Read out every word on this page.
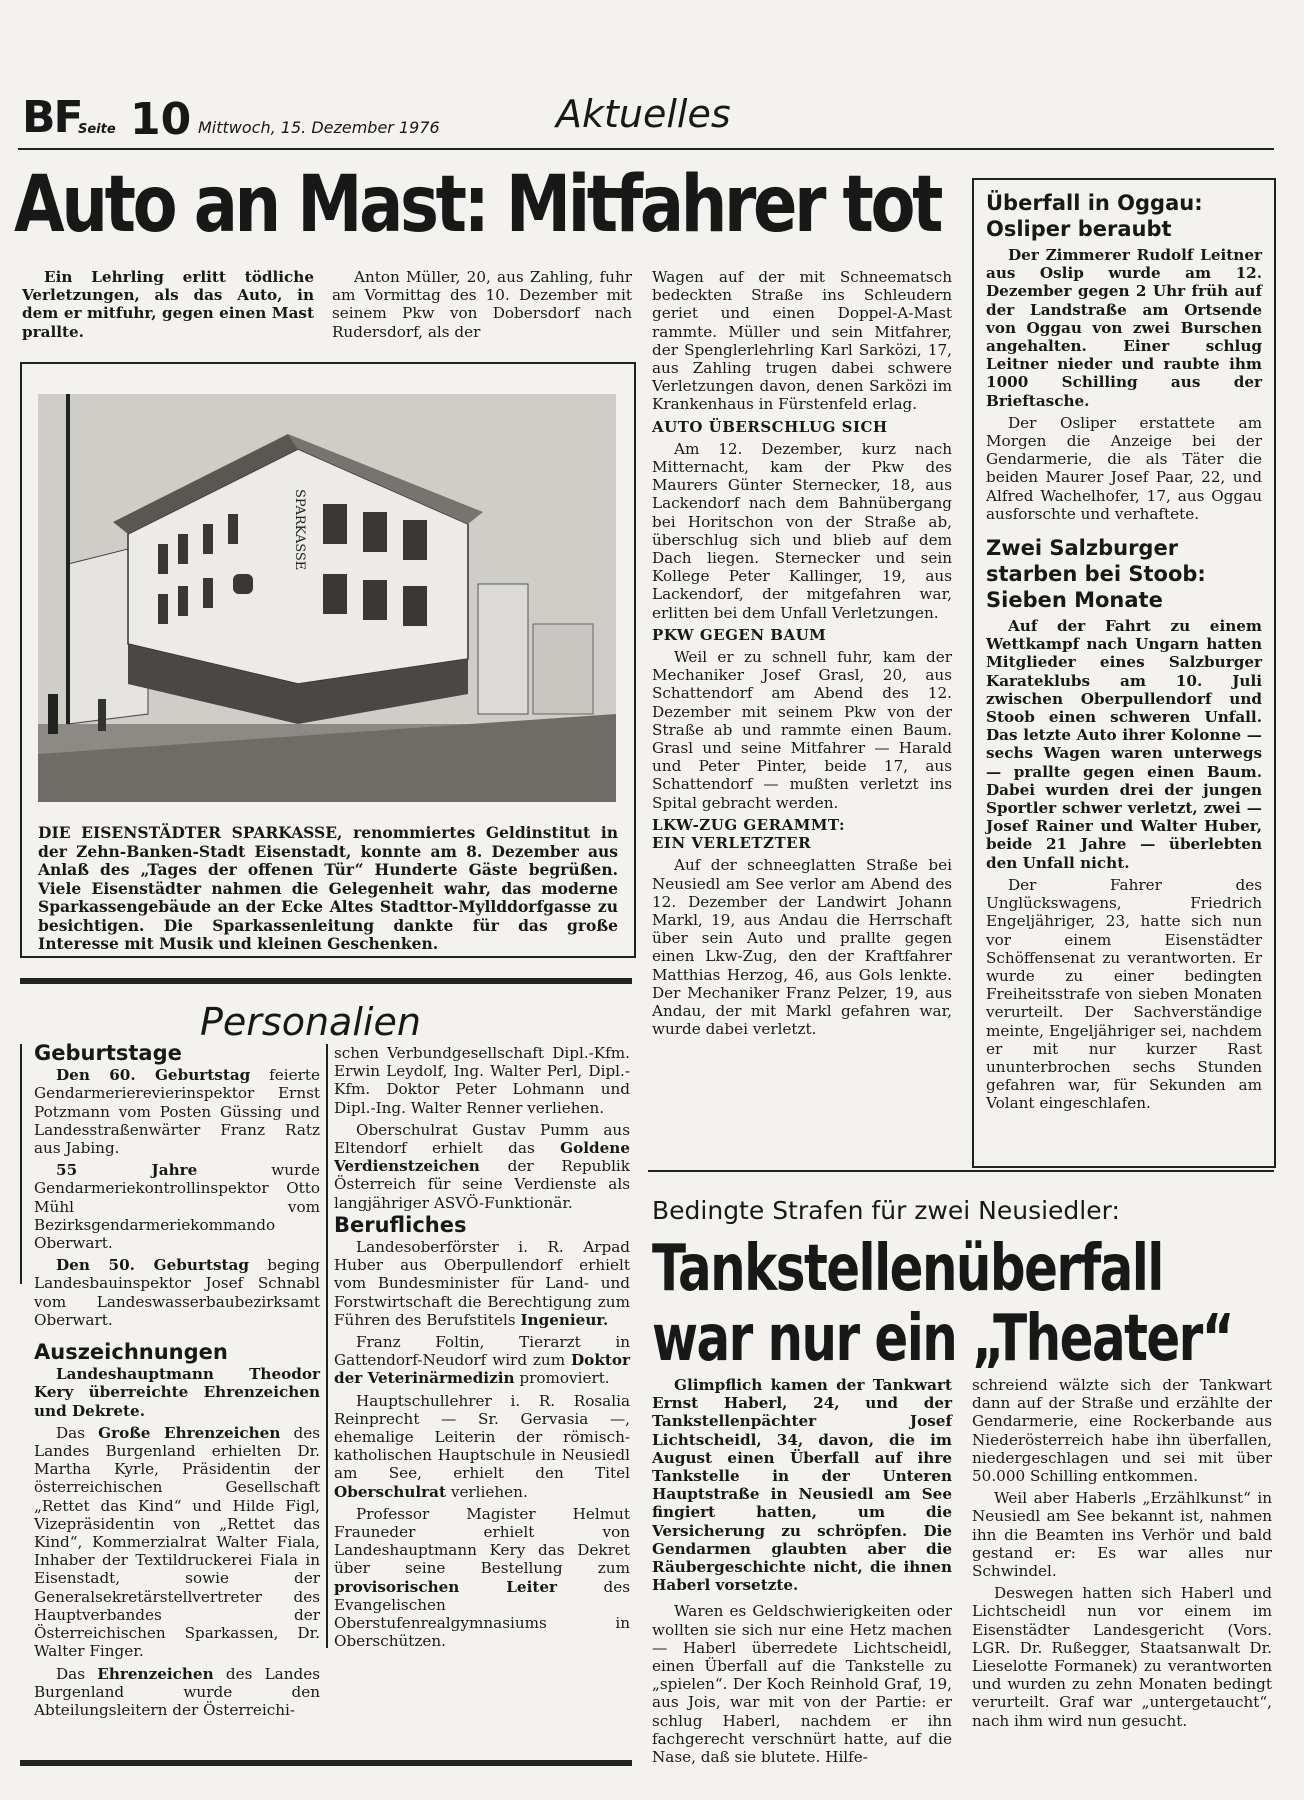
BF
Seite 10 Mittwoch, 15. Dezember 1976	Aktuelles
Auto an Mast: Mitfahrer tot

Ein Lehrling erlitt tödliche Verletzungen, als das Auto, in dem er mitfuhr, gegen einen Mast prallte.

Anton Müller, 20, aus Zahling, fuhr am Vormittag des 10. Dezember mit seinem Pkw von Dobersdorf nach Rudersdorf, als der

SPARKASSE
DIE EISENSTÄDTER SPARKASSE, renommiertes Geldinstitut in der Zehn-Banken-Stadt Eisenstadt, konnte am 8. Dezember aus Anlaß des „Tages der offenen Tür“ Hunderte Gäste begrüßen. Viele Eisenstädter nahmen die Gelegenheit wahr, das moderne Sparkassengebäude an der Ecke Altes Stadttor-Myllddorfgasse zu besichtigen. Die Sparkassenleitung dankte für das große Interesse mit Musik und kleinen Geschenken.

Wagen auf der mit Schneematsch bedeckten Straße ins Schleudern geriet und einen Doppel-A-Mast rammte. Müller und sein Mitfahrer, der Spenglerlehrling Karl Sarközi, 17, aus Zahling trugen dabei schwere Verletzungen davon, denen Sarközi im Krankenhaus in Fürstenfeld erlag.

AUTO ÜBERSCHLUG SICH

Am 12. Dezember, kurz nach Mitternacht, kam der Pkw des Maurers Günter Sternecker, 18, aus Lackendorf nach dem Bahnübergang bei Horitschon von der Straße ab, überschlug sich und blieb auf dem Dach liegen. Sternecker und sein Kollege Peter Kallinger, 19, aus Lackendorf, der mitgefahren war, erlitten bei dem Unfall Verletzungen.

PKW GEGEN BAUM

Weil er zu schnell fuhr, kam der Mechaniker Josef Grasl, 20, aus Schattendorf am Abend des 12. Dezember mit seinem Pkw von der Straße ab und rammte einen Baum. Grasl und seine Mitfahrer — Harald und Peter Pinter, beide 17, aus Schattendorf — mußten verletzt ins Spital gebracht werden.

LKW-ZUG GERAMMT:

EIN VERLETZTER

Auf der schneeglatten Straße bei Neusiedl am See verlor am Abend des 12. Dezember der Landwirt Johann Markl, 19, aus Andau die Herrschaft über sein Auto und prallte gegen einen Lkw-Zug, den der Kraftfahrer Matthias Herzog, 46, aus Gols lenkte. Der Mechaniker Franz Pelzer, 19, aus Andau, der mit Markl gefahren war, wurde dabei verletzt.

Überfall in Oggau: Osliper beraubt

Der Zimmerer Rudolf Leitner aus Oslip wurde am 12. Dezember gegen 2 Uhr früh auf der Landstraße am Ortsende von Oggau von zwei Burschen angehalten. Einer schlug Leitner nieder und raubte ihm 1000 Schilling aus der Brieftasche.

Der Osliper erstattete am Morgen die Anzeige bei der Gendarmerie, die als Täter die beiden Maurer Josef Paar, 22, und Alfred Wachelhofer, 17, aus Oggau ausforschte und verhaftete.

Zwei Salzburger starben bei Stoob: Sieben Monate

Auf der Fahrt zu einem Wettkampf nach Ungarn hatten Mitglieder eines Salzburger Karateklubs am 10. Juli zwischen Oberpullendorf und Stoob einen schweren Unfall. Das letzte Auto ihrer Kolonne — sechs Wagen waren unterwegs — prallte gegen einen Baum. Dabei wurden drei der jungen Sportler schwer verletzt, zwei — Josef Rainer und Walter Huber, beide 21 Jahre — überlebten den Unfall nicht.

Der Fahrer des Unglückswagens, Friedrich Engeljähriger, 23, hatte sich nun vor einem Eisenstädter Schöffensenat zu verantworten. Er wurde zu einer bedingten Freiheitsstrafe von sieben Monaten verurteilt. Der Sachverständige meinte, Engeljähriger sei, nachdem er mit nur kurzer Rast ununterbrochen sechs Stunden gefahren war, für Sekunden am Volant eingeschlafen.

Personalien

Geburtstage

Den 60. Geburtstag feierte Gendarmerierevierinspektor Ernst Potzmann vom Posten Güssing und Landesstraßenwärter Franz Ratz aus Jabing.

55 Jahre wurde Gendarmeriekontrollinspektor Otto Mühl vom Bezirksgendarmeriekommando Oberwart.

Den 50. Geburtstag beging Landesbauinspektor Josef Schnabl vom Landeswasserbaubezirksamt Oberwart.

Auszeichnungen

Landeshauptmann Theodor Kery überreichte Ehrenzeichen und Dekrete.

Das Große Ehrenzeichen des Landes Burgenland erhielten Dr. Martha Kyrle, Präsidentin der österreichischen Gesellschaft „Rettet das Kind“ und Hilde Figl, Vizepräsidentin von „Rettet das Kind“, Kommerzialrat Walter Fiala, Inhaber der Textildruckerei Fiala in Eisenstadt, sowie der Generalsekretärstellvertreter des Hauptverbandes der Österreichischen Sparkassen, Dr. Walter Finger.

Das Ehrenzeichen des Landes Burgenland wurde den Abteilungsleitern der Österreichi-

schen Verbundgesellschaft Dipl.-Kfm. Erwin Leydolf, Ing. Walter Perl, Dipl.-Kfm. Doktor Peter Lohmann und Dipl.-Ing. Walter Renner verliehen.

Oberschulrat Gustav Pumm aus Eltendorf erhielt das Goldene Verdienstzeichen der Republik Österreich für seine Verdienste als langjähriger ASVÖ-Funktionär.

Berufliches

Landesoberförster i. R. Arpad Huber aus Oberpullendorf erhielt vom Bundesminister für Land- und Forstwirtschaft die Berechtigung zum Führen des Berufstitels Ingenieur.

Franz Foltin, Tierarzt in Gattendorf-Neudorf wird zum Doktor der Veterinärmedizin promoviert.

Hauptschullehrer i. R. Rosalia Reinprecht — Sr. Gervasia —, ehemalige Leiterin der römisch-katholischen Hauptschule in Neusiedl am See, erhielt den Titel Oberschulrat verliehen.

Professor Magister Helmut Frauneder erhielt von Landeshauptmann Kery das Dekret über seine Bestellung zum provisorischen Leiter des Evangelischen Oberstufenrealgymnasiums in Oberschützen.

Bedingte Strafen für zwei Neusiedler:
Tankstellenüberfall
war nur ein „Theater“

Glimpflich kamen der Tankwart Ernst Haberl, 24, und der Tankstellenpächter Josef Lichtscheidl, 34, davon, die im August einen Überfall auf ihre Tankstelle in der Unteren Hauptstraße in Neusiedl am See fingiert hatten, um die Versicherung zu schröpfen. Die Gendarmen glaubten aber die Räubergeschichte nicht, die ihnen Haberl vorsetzte.

Waren es Geldschwierigkeiten oder wollten sie sich nur eine Hetz machen — Haberl überredete Lichtscheidl, einen Überfall auf die Tankstelle zu „spielen“. Der Koch Reinhold Graf, 19, aus Jois, war mit von der Partie: er schlug Haberl, nachdem er ihn fachgerecht verschnürt hatte, auf die Nase, daß sie blutete. Hilfe-

schreiend wälzte sich der Tankwart dann auf der Straße und erzählte der Gendarmerie, eine Rockerbande aus Niederösterreich habe ihn überfallen, niedergeschlagen und sei mit über 50.000 Schilling entkommen.

Weil aber Haberls „Erzählkunst“ in Neusiedl am See bekannt ist, nahmen ihn die Beamten ins Verhör und bald gestand er: Es war alles nur Schwindel.

Deswegen hatten sich Haberl und Lichtscheidl nun vor einem im Eisenstädter Landesgericht (Vors. LGR. Dr. Rußegger, Staatsanwalt Dr. Lieselotte Formanek) zu verantworten und wurden zu zehn Monaten bedingt verurteilt. Graf war „untergetaucht“, nach ihm wird nun gesucht.
